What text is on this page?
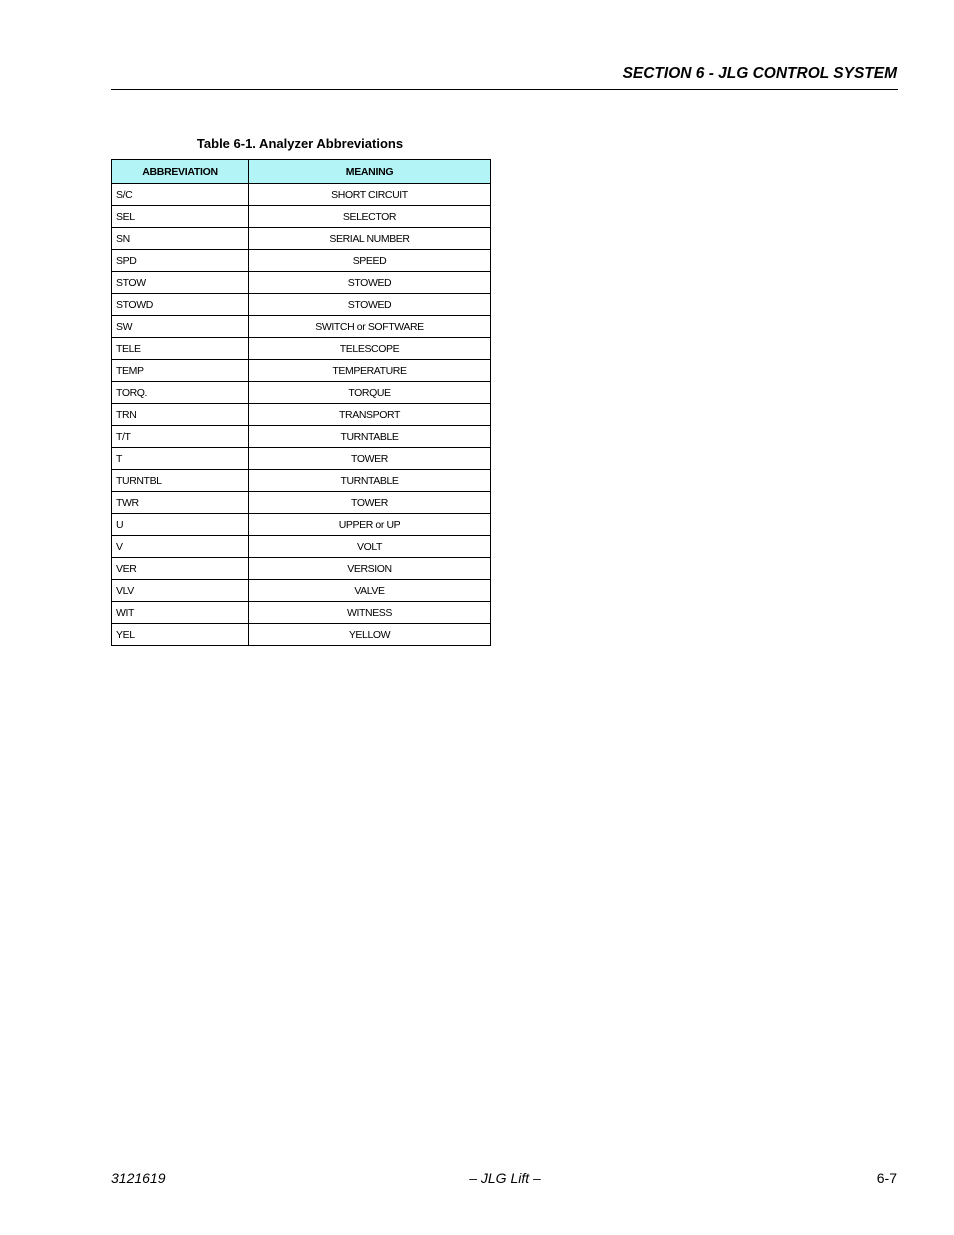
SECTION 6 - JLG CONTROL SYSTEM
Table 6-1. Analyzer Abbreviations
ABBREVIATION	MEANING
S/C	SHORT CIRCUIT
SEL	SELECTOR
SN	SERIAL NUMBER
SPD	SPEED
STOW	STOWED
STOWD	STOWED
SW	SWITCH or SOFTWARE
TELE	TELESCOPE
TEMP	TEMPERATURE
TORQ.	TORQUE
TRN	TRANSPORT
T/T	TURNTABLE
T	TOWER
TURNTBL	TURNTABLE
TWR	TOWER
U	UPPER or UP
V	VOLT
VER	VERSION
VLV	VALVE
WIT	WITNESS
YEL	YELLOW
3121619	– JLG Lift –	6-7
